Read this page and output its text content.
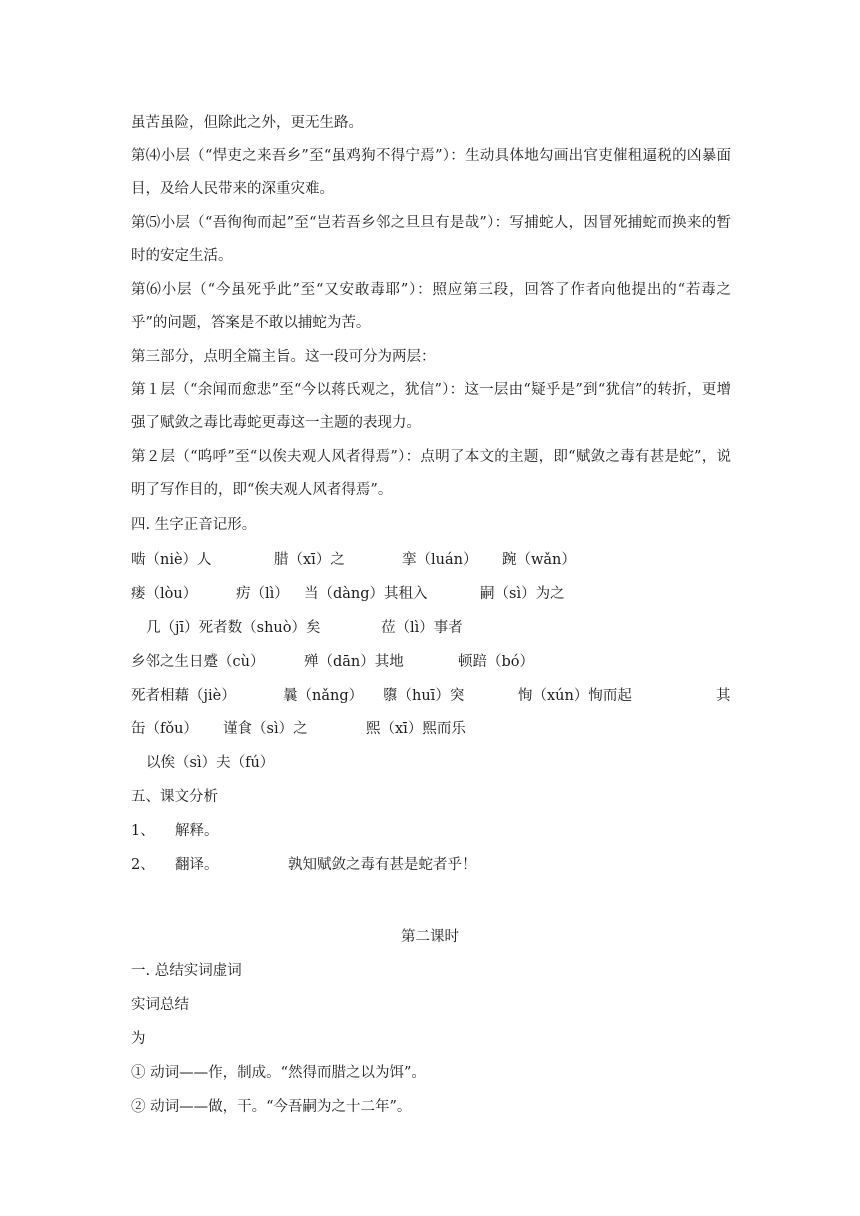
虽苦虽险，但除此之外，更无生路。

第⑷小层（“悍吏之来吾乡”至“虽鸡狗不得宁焉”）：生动具体地勾画出官吏催租逼税的凶暴面目，及给人民带来的深重灾难。

第⑸小层（“吾徇徇而起”至“岂若吾乡邻之旦旦有是哉”）：写捕蛇人，因冒死捕蛇而换来的暂时的安定生活。

第⑹小层（“今虽死乎此”至“又安敢毒耶”）：照应第三段，回答了作者向他提出的“若毒之乎”的问题，答案是不敢以捕蛇为苦。

第三部分，点明全篇主旨。这一段可分为两层：

第１层（“余闻而愈悲”至“今以蒋氏观之，犹信”）：这一层由“疑乎是”到“犹信”的转折，更增强了赋敛之毒比毒蛇更毒这一主题的表现力。

第２层（“呜呼”至“以俟夫观人风者得焉”）：点明了本文的主题，即“赋敛之毒有甚是蛇”，说明了写作目的，即“俟夫观人风者得焉”。

四. 生字正音记形。
啮（niè）人	腊（xī）之	挛（luán） 踠（wǎn）
瘘（lòu）	疠（lì） 当（dàng）其租入	嗣（sì）为之
几（jī）死者数（shuò）矣	莅（lì）事者
乡邻之生日蹙（cù）	殚（dān）其地	顿踣（bó）
死者相藉（jiè）	曩（nǎng） 隳（huī）突	恂（xún）恂而起	其
缶（fǒu） 谨食（sì）之	熙（xī）熙而乐
以俟（sì）夫（fú）
五、课文分析
1、 解释。
2、 翻译。	孰知赋敛之毒有甚是蛇者乎！
第二课时
一. 总结实词虚词
实词总结
为
① 动词——作，制成。“然得而腊之以为饵”。
② 动词——做，干。“今吾嗣为之十二年”。
